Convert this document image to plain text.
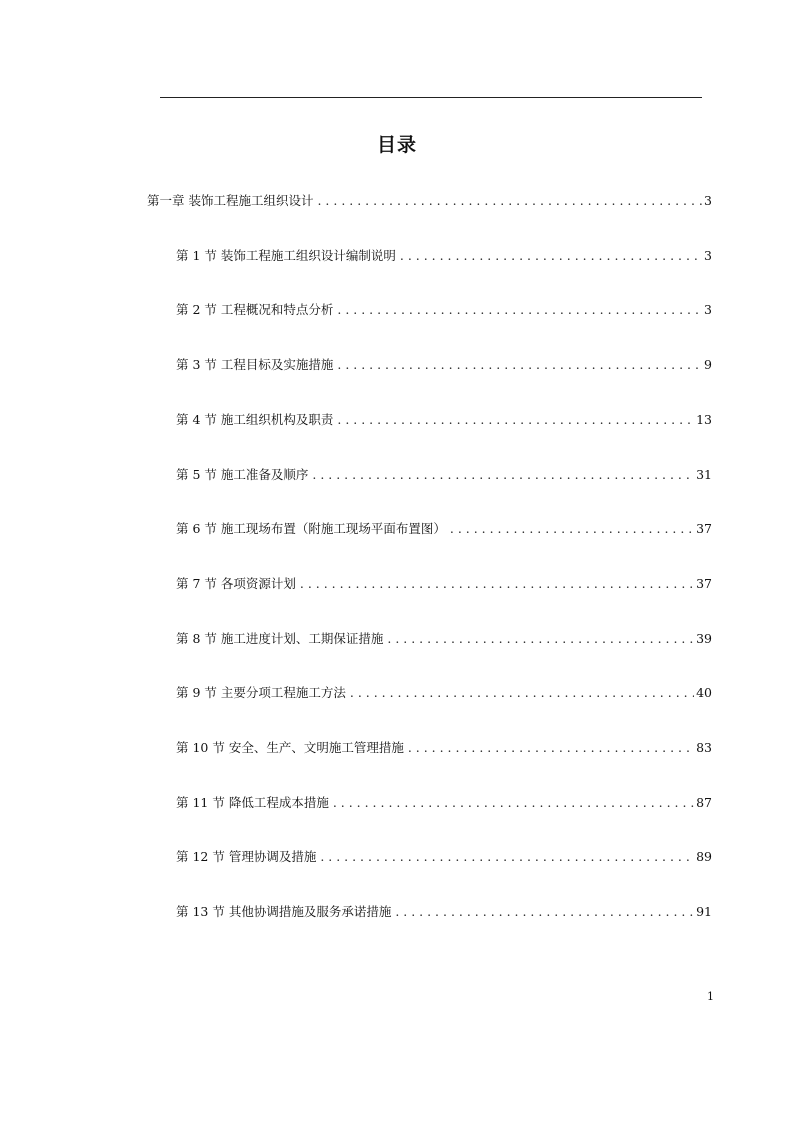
目录
第一章 装饰工程施工组织设计 . . .	3
第 1 节 装饰工程施工组织设计编制说明 . . .	3
第 2 节 工程概况和特点分析 . . .	3
第 3 节 工程目标及实施措施 . . .	9
第 4 节 施工组织机构及职责 . . .	13
第 5 节 施工准备及顺序 . . .	31
第 6 节 施工现场布置（附施工现场平面布置图） . . .	37
第 7 节 各项资源计划 . . .	37
第 8 节 施工进度计划、工期保证措施 . . .	39
第 9 节 主要分项工程施工方法 . . .	40
第 10 节 安全、生产、文明施工管理措施 . . .	83
第 11 节 降低工程成本措施 . . .	87
第 12 节 管理协调及措施 . . .	89
第 13 节 其他协调措施及服务承诺措施 . . .	91
1
